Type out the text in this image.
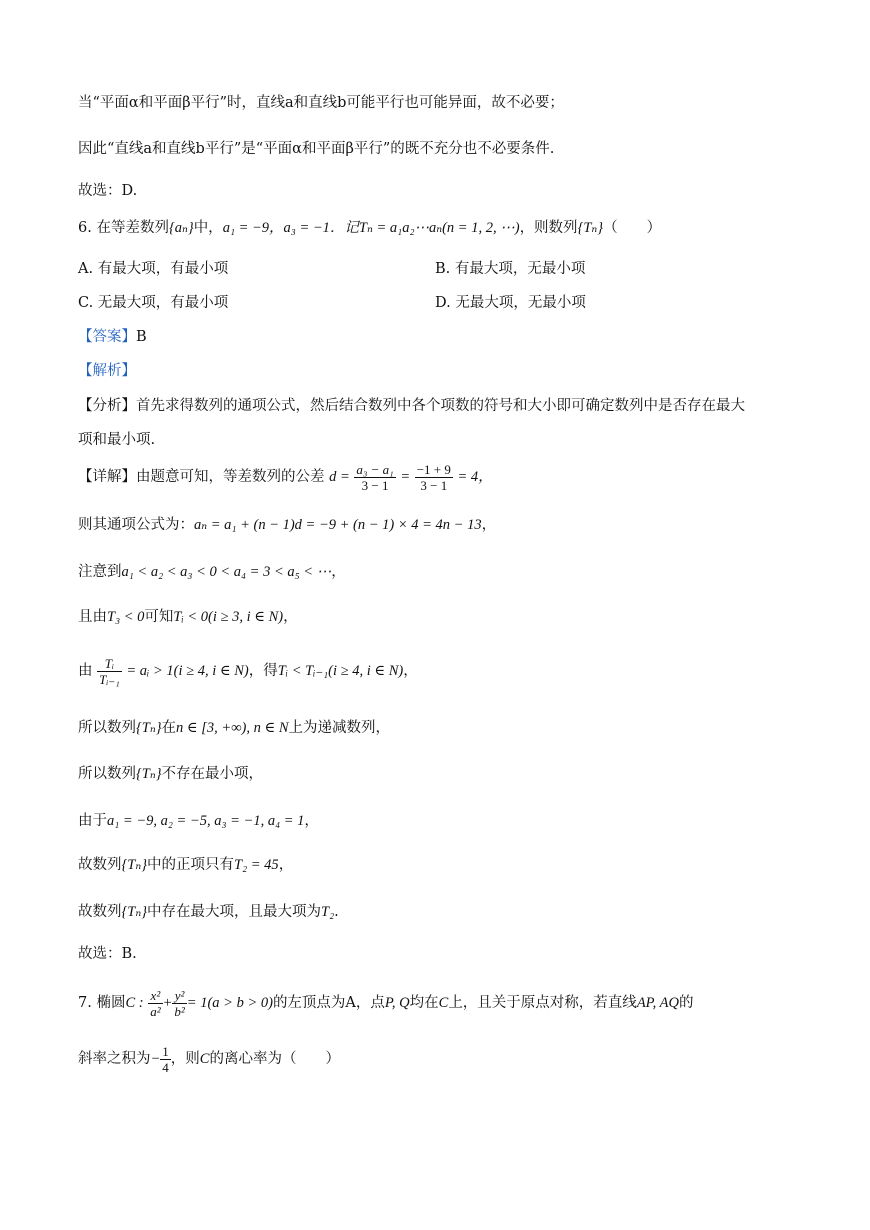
当“平面α和平面β平行”时，直线a和直线b可能平行也可能异面，故不必要；
因此“直线a和直线b平行”是“平面α和平面β平行”的既不充分也不必要条件.
故选：D.
6. 在等差数列{aₙ}中，a₁ = −9，a₃ = −1．记Tₙ = a₁a₂⋯aₙ(n = 1, 2, ⋯)，则数列{Tₙ}（　　）
A. 有最大项，有最小项	B. 有最大项，无最小项
C. 无最大项，有最小项	D. 无最大项，无最小项
【答案】B
【解析】
【分析】首先求得数列的通项公式，然后结合数列中各个项数的符号和大小即可确定数列中是否存在最大
项和最小项.
【详解】由题意可知，等差数列的公差 $d = \frac{\text{a₃ − a₁}}{3 - 1} = \frac{-1 + 9}{3 - 1} = 4$，
则其通项公式为：aₙ = a₁ + (n − 1)d = −9 + (n − 1) × 4 = 4n − 13，
注意到a₁ < a₂ < a₃ < 0 < a₄ = 3 < a₅ < ⋯，
且由T₃ < 0可知Tᵢ < 0(i ≥ 3, i ∈ N)，
由 $\frac{\text{Tᵢ}}{\text{Tᵢ₋₁}}$ = aᵢ > 1(i ≥ 4, i ∈ N)，得Tᵢ < Tᵢ₋₁(i ≥ 4, i ∈ N)，
所以数列{Tₙ}在n ∈ [3, +∞), n ∈ N上为递减数列，
所以数列{Tₙ}不存在最小项，
由于a₁ = −9, a₂ = −5, a₃ = −1, a₄ = 1，
故数列{Tₙ}中的正项只有T₂ = 45，
故数列{Tₙ}中存在最大项，且最大项为T₂.
故选：B.
7. 椭圆C : $\frac{\text{x²}}{\text{a²}} + \frac{\text{y²}}{\text{b²}} = 1(a > b > 0)$的左顶点为A，点P, Q均在C上，且关于原点对称，若直线AP, AQ的
斜率之积为− $\frac{1}{4}$ ，则C的离心率为（　　）
